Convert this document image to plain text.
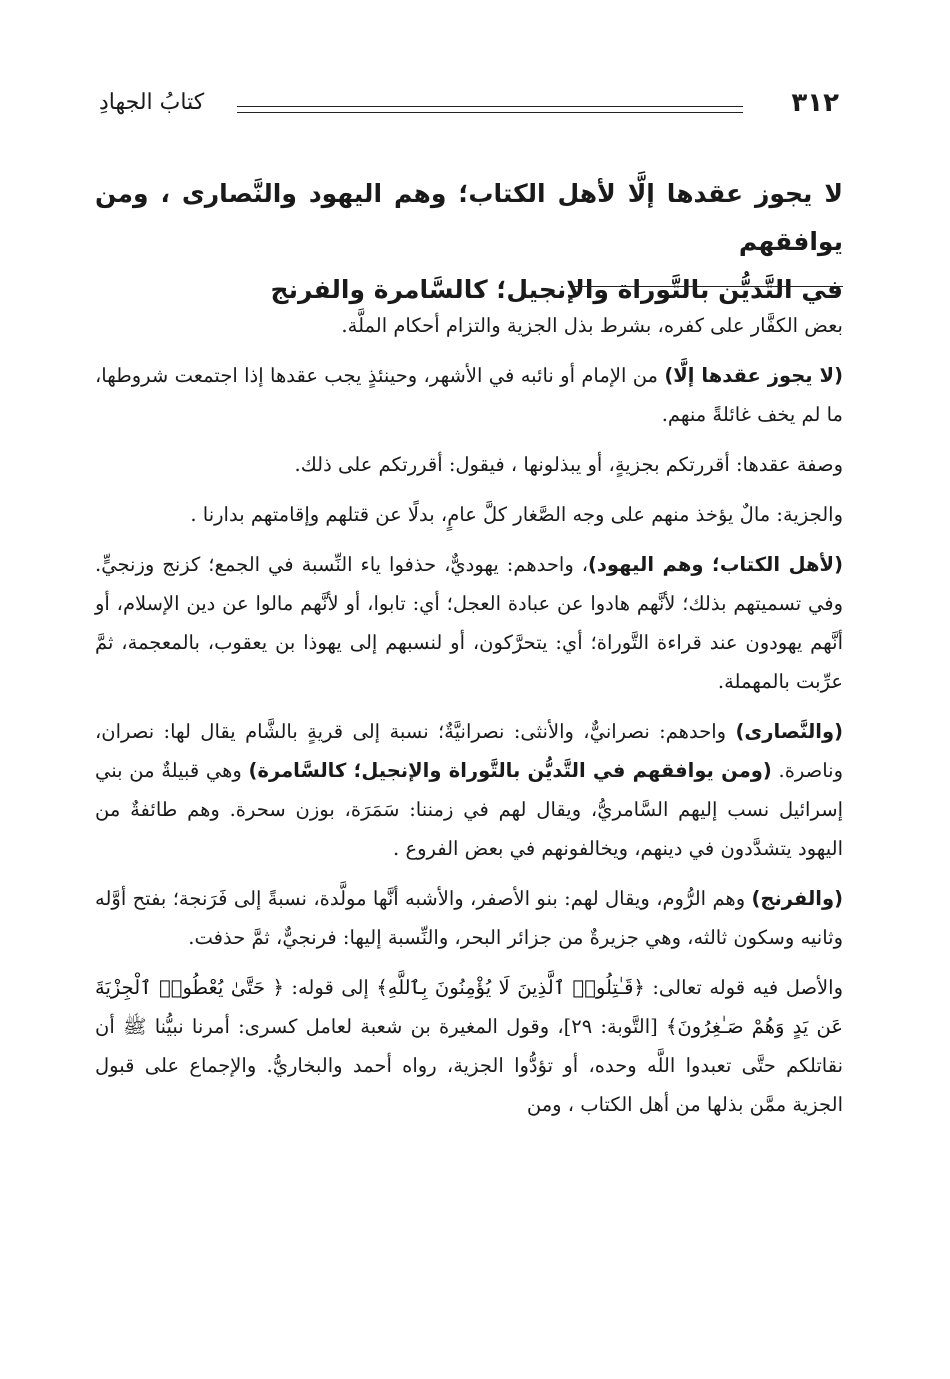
٣١٢
كتابُ الجهادِ
لا يجوز عقدها إلَّا لأهل الكتاب؛ وهم اليهود والنَّصارى ، ومن يوافقهم
في التَّديُّن بالتَّوراة والإنجيل؛ كالسَّامرة والفرنج

بعض الكفَّار على كفره، بشرط بذل الجزية والتزام أحكام الملَّة.

(لا يجوز عقدها إلَّا) من الإمام أو نائبه في الأشهر، وحينئذٍ يجب عقدها إذا اجتمعت شروطها، ما لم يخف غائلةً منهم.

وصفة عقدها: أقررتكم بجزيةٍ، أو يبذلونها ، فيقول: أقررتكم على ذلك.

والجزية: مالٌ يؤخذ منهم على وجه الصَّغار كلَّ عامٍ، بدلًا عن قتلهم وإقامتهم بدارنا .

(لأهل الكتاب؛ وهم اليهود)، واحدهم: يهوديٌّ، حذفوا ياء النِّسبة في الجمع؛ كزنج وزنجيٍّ. وفي تسميتهم بذلك؛ لأنَّهم هادوا عن عبادة العجل؛ أي: تابوا، أو لأنَّهم مالوا عن دين الإسلام، أو أنَّهم يهودون عند قراءة التَّوراة؛ أي: يتحرَّكون، أو لنسبهم إلى يهوذا بن يعقوب، بالمعجمة، ثمَّ عرِّبت بالمهملة.

(والنَّصارى) واحدهم: نصرانيٌّ، والأنثى: نصرانيَّةٌ؛ نسبة إلى قريةٍ بالشَّام يقال لها: نصران، وناصرة. (ومن يوافقهم في التَّديُّن بالتَّوراة والإنجيل؛ كالسَّامرة) وهي قبيلةٌ من بني إسرائيل نسب إليهم السَّامريُّ، ويقال لهم في زمننا: سَمَرَة، بوزن سحرة. وهم طائفةٌ من اليهود يتشدَّدون في دينهم، ويخالفونهم في بعض الفروع .

(والفرنج) وهم الرُّوم، ويقال لهم: بنو الأصفر، والأشبه أنَّها مولَّدة، نسبةً إلى فَرَنجة؛ بفتح أوَّله وثانيه وسكون ثالثه، وهي جزيرةٌ من جزائر البحر، والنِّسبة إليها: فرنجيٌّ، ثمَّ حذفت.

والأصل فيه قوله تعالى: ﴿قَـٰتِلُوا۟ ٱلَّذِينَ لَا يُؤْمِنُونَ بِٱللَّهِ﴾ إلى قوله: ﴿ حَتَّىٰ يُعْطُوا۟ ٱلْجِزْيَةَ عَن يَدٍ وَهُمْ صَـٰغِرُونَ﴾ [التَّوبة: ٢٩]، وقول المغيرة بن شعبة لعامل كسرى: أمرنا نبيُّنا ﷺ أن نقاتلكم حتَّى تعبدوا اللَّه وحده، أو تؤدُّوا الجزية، رواه أحمد والبخاريُّ. والإجماع على قبول الجزية ممَّن بذلها من أهل الكتاب ، ومن
